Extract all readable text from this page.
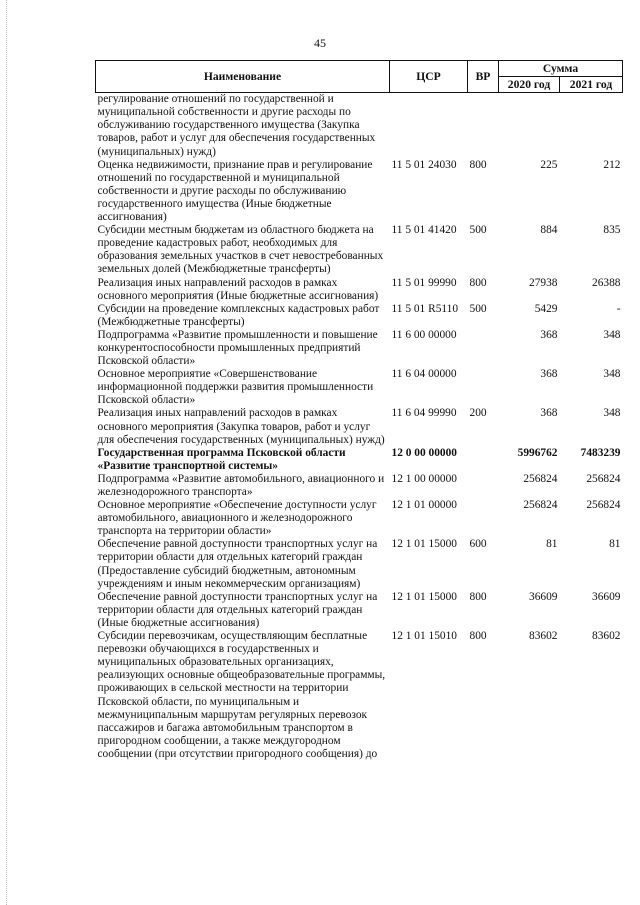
45
Наименование	ЦСР	ВР	Сумма	
			2020 год	2021 год
регулирование отношений по государственной и муниципальной собственности и другие расходы по обслуживанию государственного имущества (Закупка товаров, работ и услуг для обеспечения государственных (муниципальных) нужд)				
Оценка недвижимости, признание прав и регулирование отношений по государственной и муниципальной собственности и другие расходы по обслуживанию государственного имущества (Иные бюджетные ассигнования)	11 5 01 24030	800	225	212
Субсидии местным бюджетам из областного бюджета на проведение кадастровых работ, необходимых для образования земельных участков в счет невостребованных земельных долей (Межбюджетные трансферты)	11 5 01 41420	500	884	835
Реализация иных направлений расходов в рамках основного мероприятия (Иные бюджетные ассигнования)	11 5 01 99990	800	27938	26388
Субсидии на проведение комплексных кадастровых работ (Межбюджетные трансферты)	11 5 01 R5110	500	5429	-
Подпрограмма «Развитие промышленности и повышение конкурентоспособности промышленных предприятий Псковской области»	11 6 00 00000		368	348
Основное мероприятие «Совершенствование информационной поддержки развития промышленности Псковской области»	11 6 04 00000		368	348
Реализация иных направлений расходов в рамках основного мероприятия (Закупка товаров, работ и услуг для обеспечения государственных (муниципальных) нужд)	11 6 04 99990	200	368	348
Государственная программа Псковской области «Развитие транспортной системы»	12 0 00 00000		5996762	7483239
Подпрограмма «Развитие автомобильного, авиационного и железнодорожного транспорта»	12 1 00 00000		256824	256824
Основное мероприятие «Обеспечение доступности услуг автомобильного, авиационного и железнодорожного транспорта на территории области»	12 1 01 00000		256824	256824
Обеспечение равной доступности транспортных услуг на территории области для отдельных категорий граждан (Предоставление субсидий бюджетным, автономным учреждениям и иным некоммерческим организациям)	12 1 01 15000	600	81	81
Обеспечение равной доступности транспортных услуг на территории области для отдельных категорий граждан (Иные бюджетные ассигнования)	12 1 01 15000	800	36609	36609
Субсидии перевозчикам, осуществляющим бесплатные перевозки обучающихся в государственных и муниципальных образовательных организациях, реализующих основные общеобразовательные программы, проживающих в сельской местности на территории Псковской области, по муниципальным и межмуниципальным маршрутам регулярных перевозок пассажиров и багажа автомобильным транспортом в пригородном сообщении, а также междугородном сообщении (при отсутствии пригородного сообщения) до	12 1 01 15010	800	83602	83602
